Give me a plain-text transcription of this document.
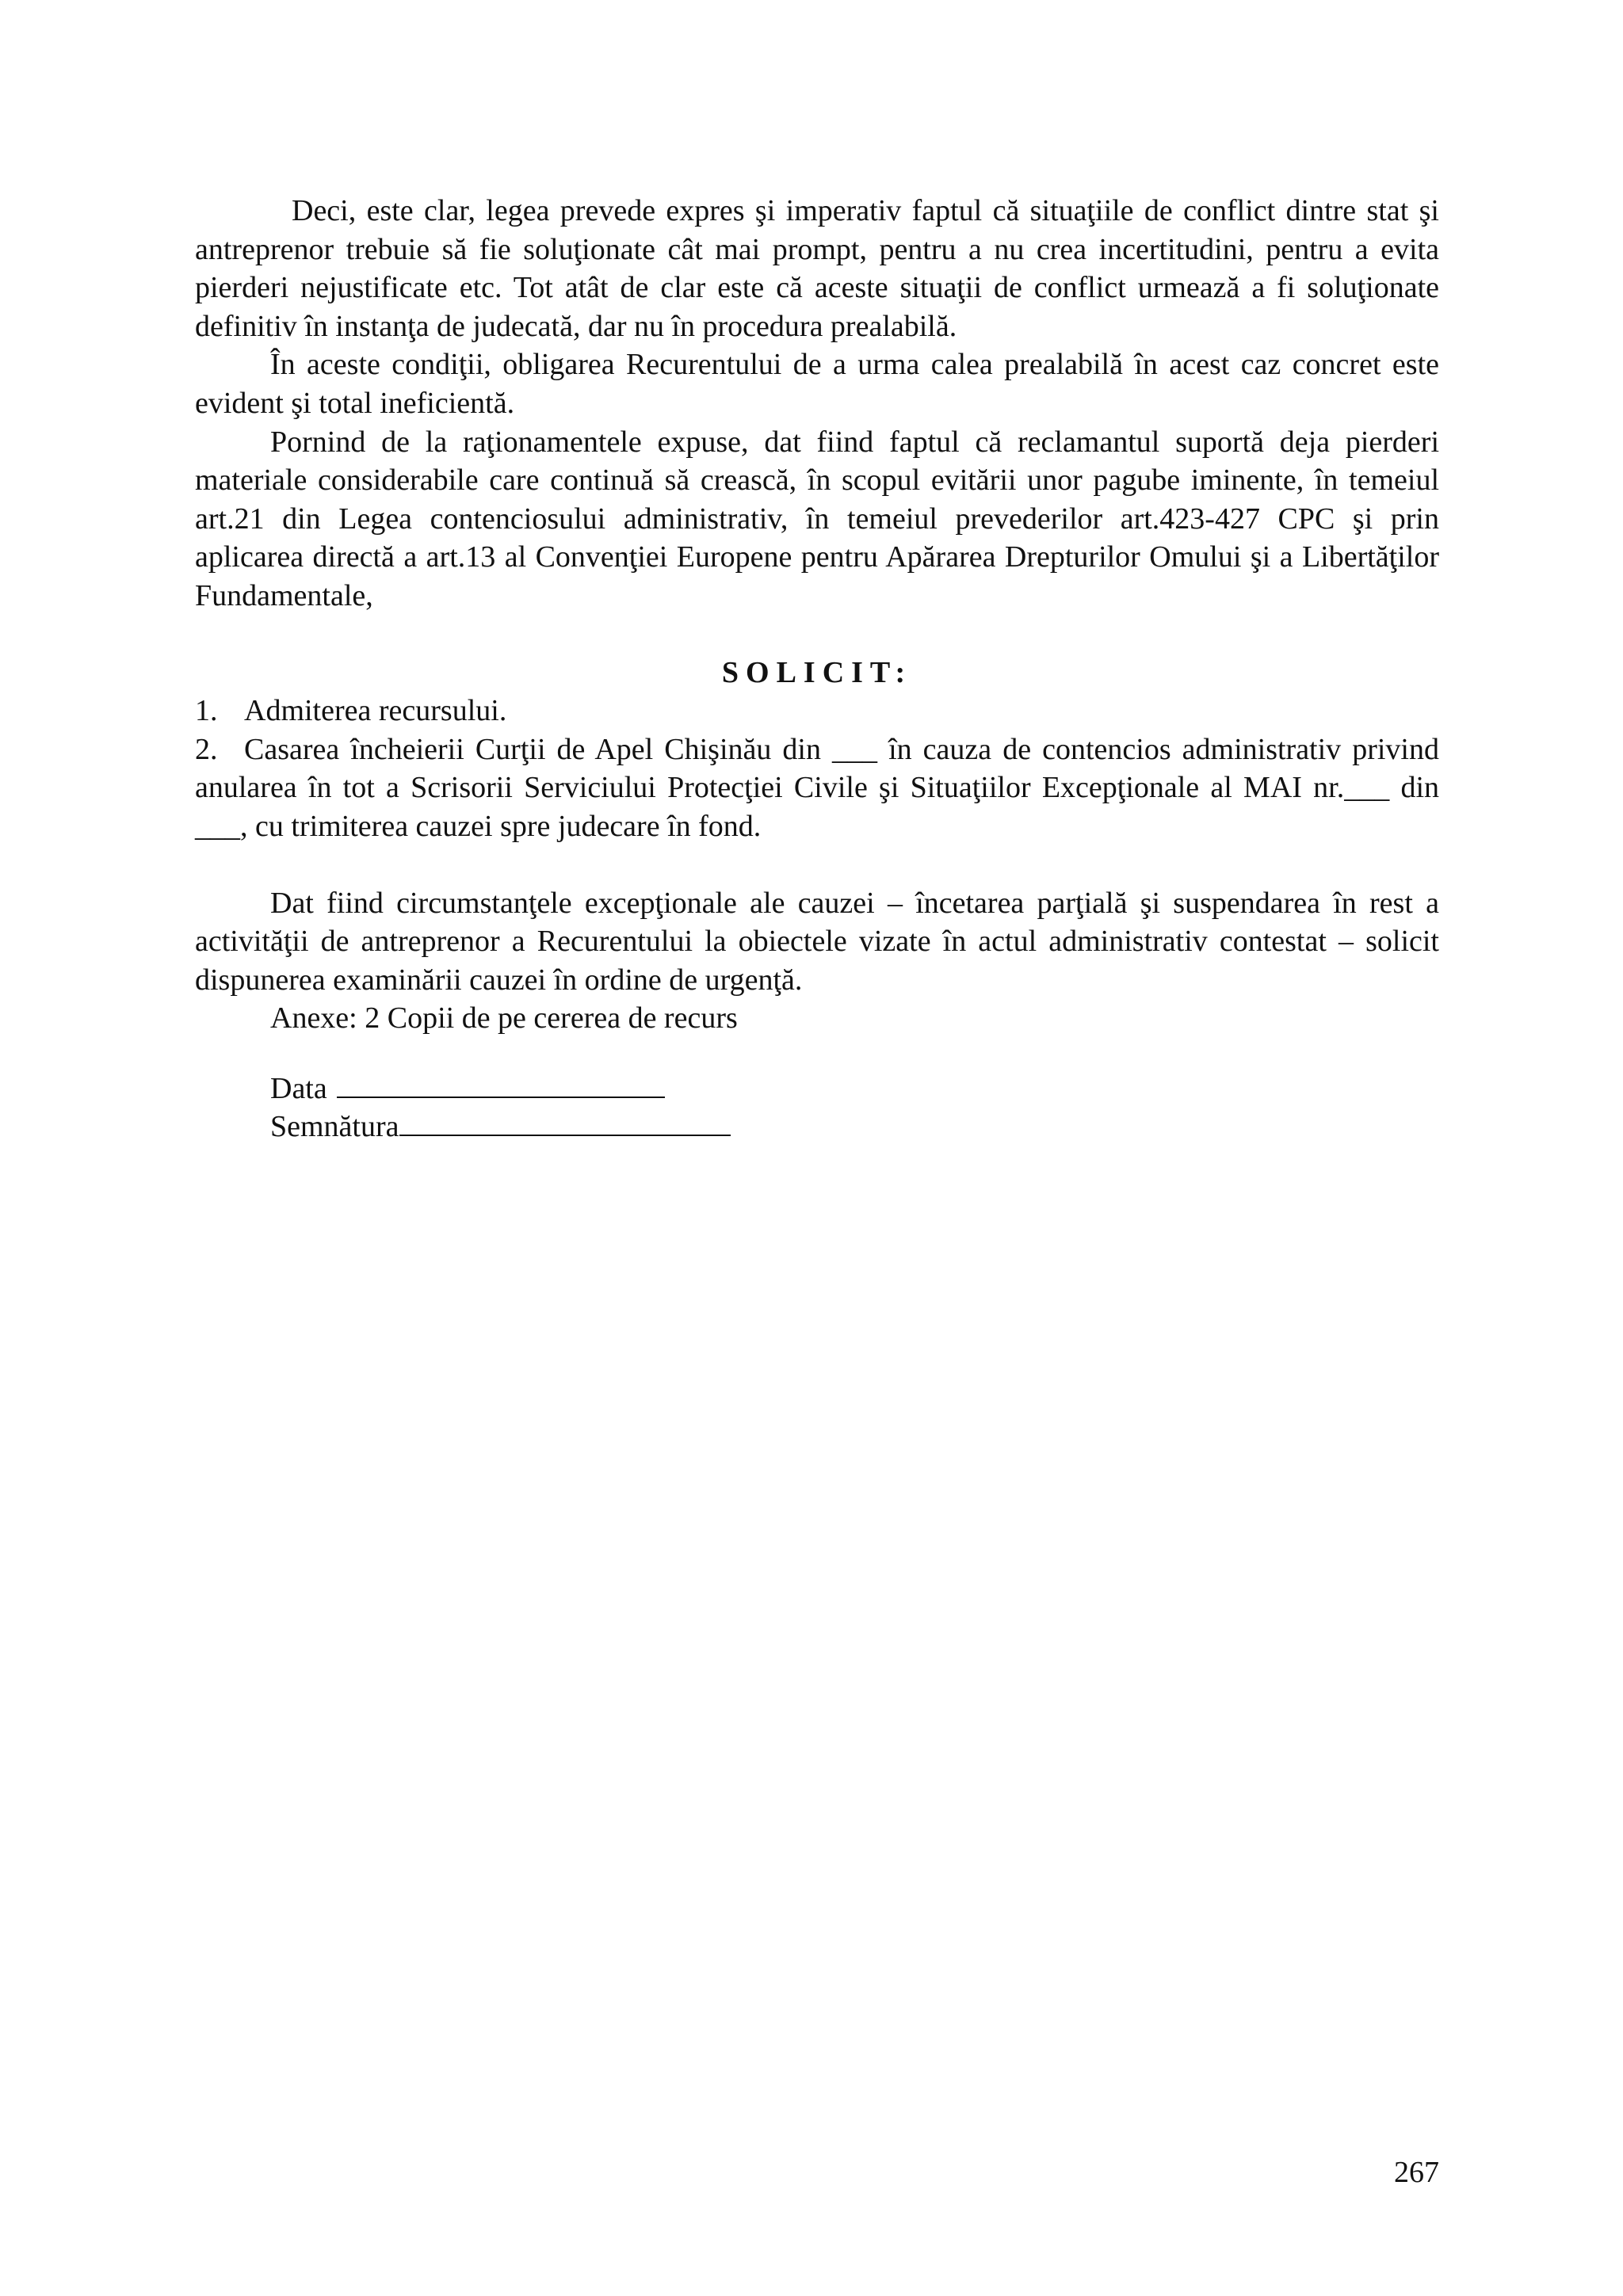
Deci, este clar, legea prevede expres şi imperativ faptul că situaţiile de conflict dintre stat şi antreprenor trebuie să fie soluţionate cât mai prompt, pentru a nu crea incertitudini, pentru a evita pierderi nejustificate etc. Tot atât de clar este că aceste situaţii de conflict urmează a fi soluţionate definitiv în instanţa de judecată, dar nu în procedura prealabilă.

În aceste condiţii, obligarea Recurentului de a urma calea prealabilă în acest caz concret este evident şi total ineficientă.

Pornind de la raţionamentele expuse, dat fiind faptul că reclamantul suportă deja pierderi materiale considerabile care continuă să crească, în scopul evitării unor pagube iminente, în temeiul art.21 din Legea contenciosului administrativ, în temeiul prevederilor art.423-427 CPC şi prin aplicarea directă a art.13 al Convenţiei Europene pentru Apărarea Drepturilor Omului şi a Libertăţilor Fundamentale,

SOLICIT:

1. Admiterea recursului.

2. Casarea încheierii Curţii de Apel Chişinău din ___ în cauza de contencios administrativ privind anularea în tot a Scrisorii Serviciului Protecţiei Civile şi Situaţiilor Excepţionale al MAI nr.___ din ___, cu trimiterea cauzei spre judecare în fond.

Dat fiind circumstanţele excepţionale ale cauzei – încetarea parţială şi suspendarea în rest a activităţii de antreprenor a Recurentului la obiectele vizate în actul administrativ contestat – solicit dispunerea examinării cauzei în ordine de urgenţă.

Anexe: 2 Copii de pe cererea de recurs

Data
Semnătura
267
